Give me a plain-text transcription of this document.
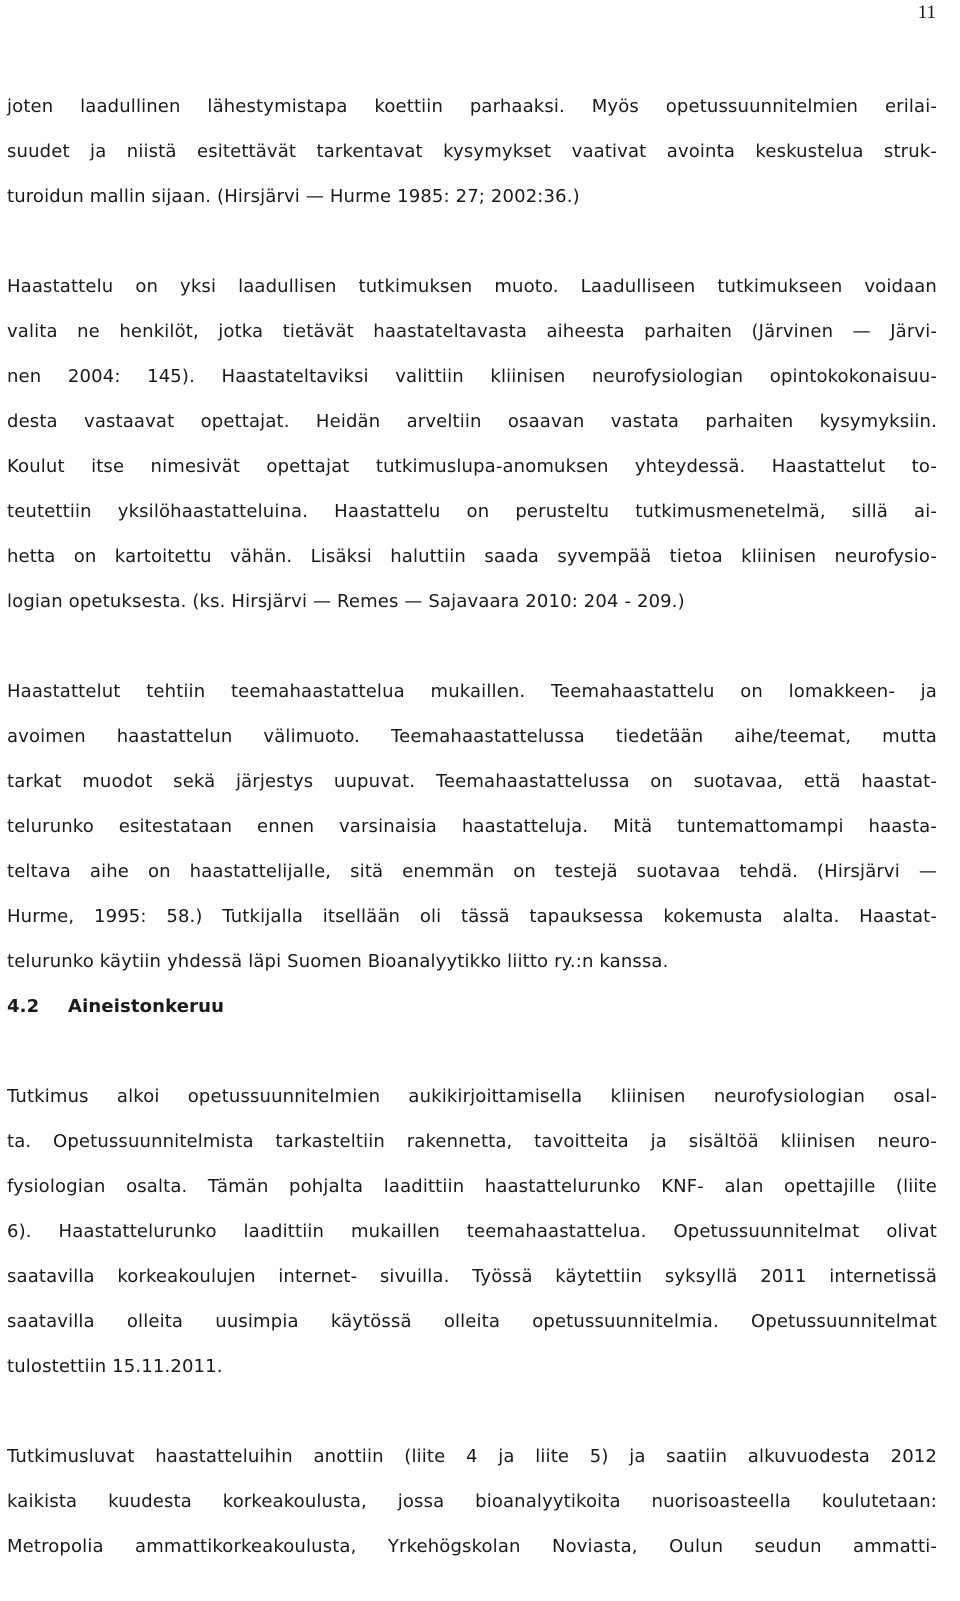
11

joten laadullinen lähestymistapa koettiin parhaaksi. Myös opetussuunnitelmien erilai-
suudet ja niistä esitettävät tarkentavat kysymykset vaativat avointa keskustelua struk-
turoidun mallin sijaan. (Hirsjärvi — Hurme 1985: 27; 2002:36.)

Haastattelu on yksi laadullisen tutkimuksen muoto. Laadulliseen tutkimukseen voidaan
valita ne henkilöt, jotka tietävät haastateltavasta aiheesta parhaiten (Järvinen — Järvi-
nen 2004: 145). Haastateltaviksi valittiin kliinisen neurofysiologian opintokokonaisuu-
desta vastaavat opettajat. Heidän arveltiin osaavan vastata parhaiten kysymyksiin.
Koulut itse nimesivät opettajat tutkimuslupa-anomuksen yhteydessä. Haastattelut to-
teutettiin yksilöhaastatteluina. Haastattelu on perusteltu tutkimusmenetelmä, sillä ai-
hetta on kartoitettu vähän. Lisäksi haluttiin saada syvempää tietoa kliinisen neurofysio-
logian opetuksesta. (ks. Hirsjärvi — Remes — Sajavaara 2010: 204 - 209.)

Haastattelut tehtiin teemahaastattelua mukaillen. Teemahaastattelu on lomakkeen- ja
avoimen haastattelun välimuoto. Teemahaastattelussa tiedetään aihe/teemat, mutta
tarkat muodot sekä järjestys uupuvat. Teemahaastattelussa on suotavaa, että haastat-
telurunko esitestataan ennen varsinaisia haastatteluja. Mitä tuntemattomampi haasta-
teltava aihe on haastattelijalle, sitä enemmän on testejä suotavaa tehdä. (Hirsjärvi —
Hurme, 1995: 58.) Tutkijalla itsellään oli tässä tapauksessa kokemusta alalta. Haastat-
telurunko käytiin yhdessä läpi Suomen Bioanalyytikko liitto ry.:n kanssa.

4.2	Aineistonkeruu

Tutkimus alkoi opetussuunnitelmien aukikirjoittamisella kliinisen neurofysiologian osal-
ta. Opetussuunnitelmista tarkasteltiin rakennetta, tavoitteita ja sisältöä kliinisen neuro-
fysiologian osalta. Tämän pohjalta laadittiin haastattelurunko KNF- alan opettajille (liite
6). Haastattelurunko laadittiin mukaillen teemahaastattelua. Opetussuunnitelmat olivat
saatavilla korkeakoulujen internet- sivuilla. Työssä käytettiin syksyllä 2011 internetissä
saatavilla olleita uusimpia käytössä olleita opetussuunnitelmia. Opetussuunnitelmat
tulostettiin 15.11.2011.

Tutkimusluvat haastatteluihin anottiin (liite 4 ja liite 5) ja saatiin alkuvuodesta 2012
kaikista kuudesta korkeakoulusta, jossa bioanalyytikoita nuorisoasteella koulutetaan:
Metropolia ammattikorkeakoulusta, Yrkehögskolan Noviasta, Oulun seudun ammatti-
